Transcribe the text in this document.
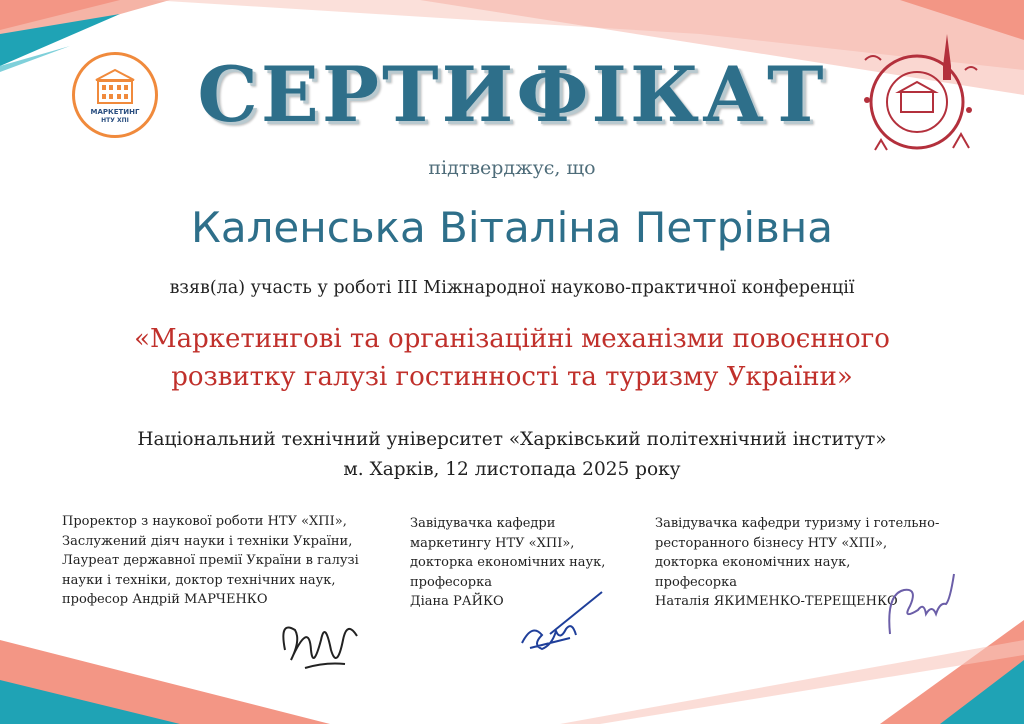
МАРКЕТИНГ
НТУ ХПІ СЕРТИФІКАТ
підтверджує, що
Каленська Віталіна Петрівна
взяв(ла) участь у роботі III Міжнародної науково-практичної конференції
«Маркетингові та організаційні механізми повоєнного
розвитку галузі гостинності та туризму України»
Національний технічний університет «Харківський політехнічний інститут»
м. Харків, 12 листопада 2025 року
Проректор з наукової роботи НТУ «ХПІ»,
Заслужений діяч науки і техніки України,
Лауреат державної премії України в галузі
науки і техніки, доктор технічних наук,
професор Андрій МАРЧЕНКО
Завідувачка кафедри
маркетингу НТУ «ХПІ»,
докторка економічних наук,
професорка
Діана РАЙКО
Завідувачка кафедри туризму і готельно-
ресторанного бізнесу НТУ «ХПІ»,
докторка економічних наук,
професорка
Наталія ЯКИМЕНКО-ТЕРЕЩЕНКО
